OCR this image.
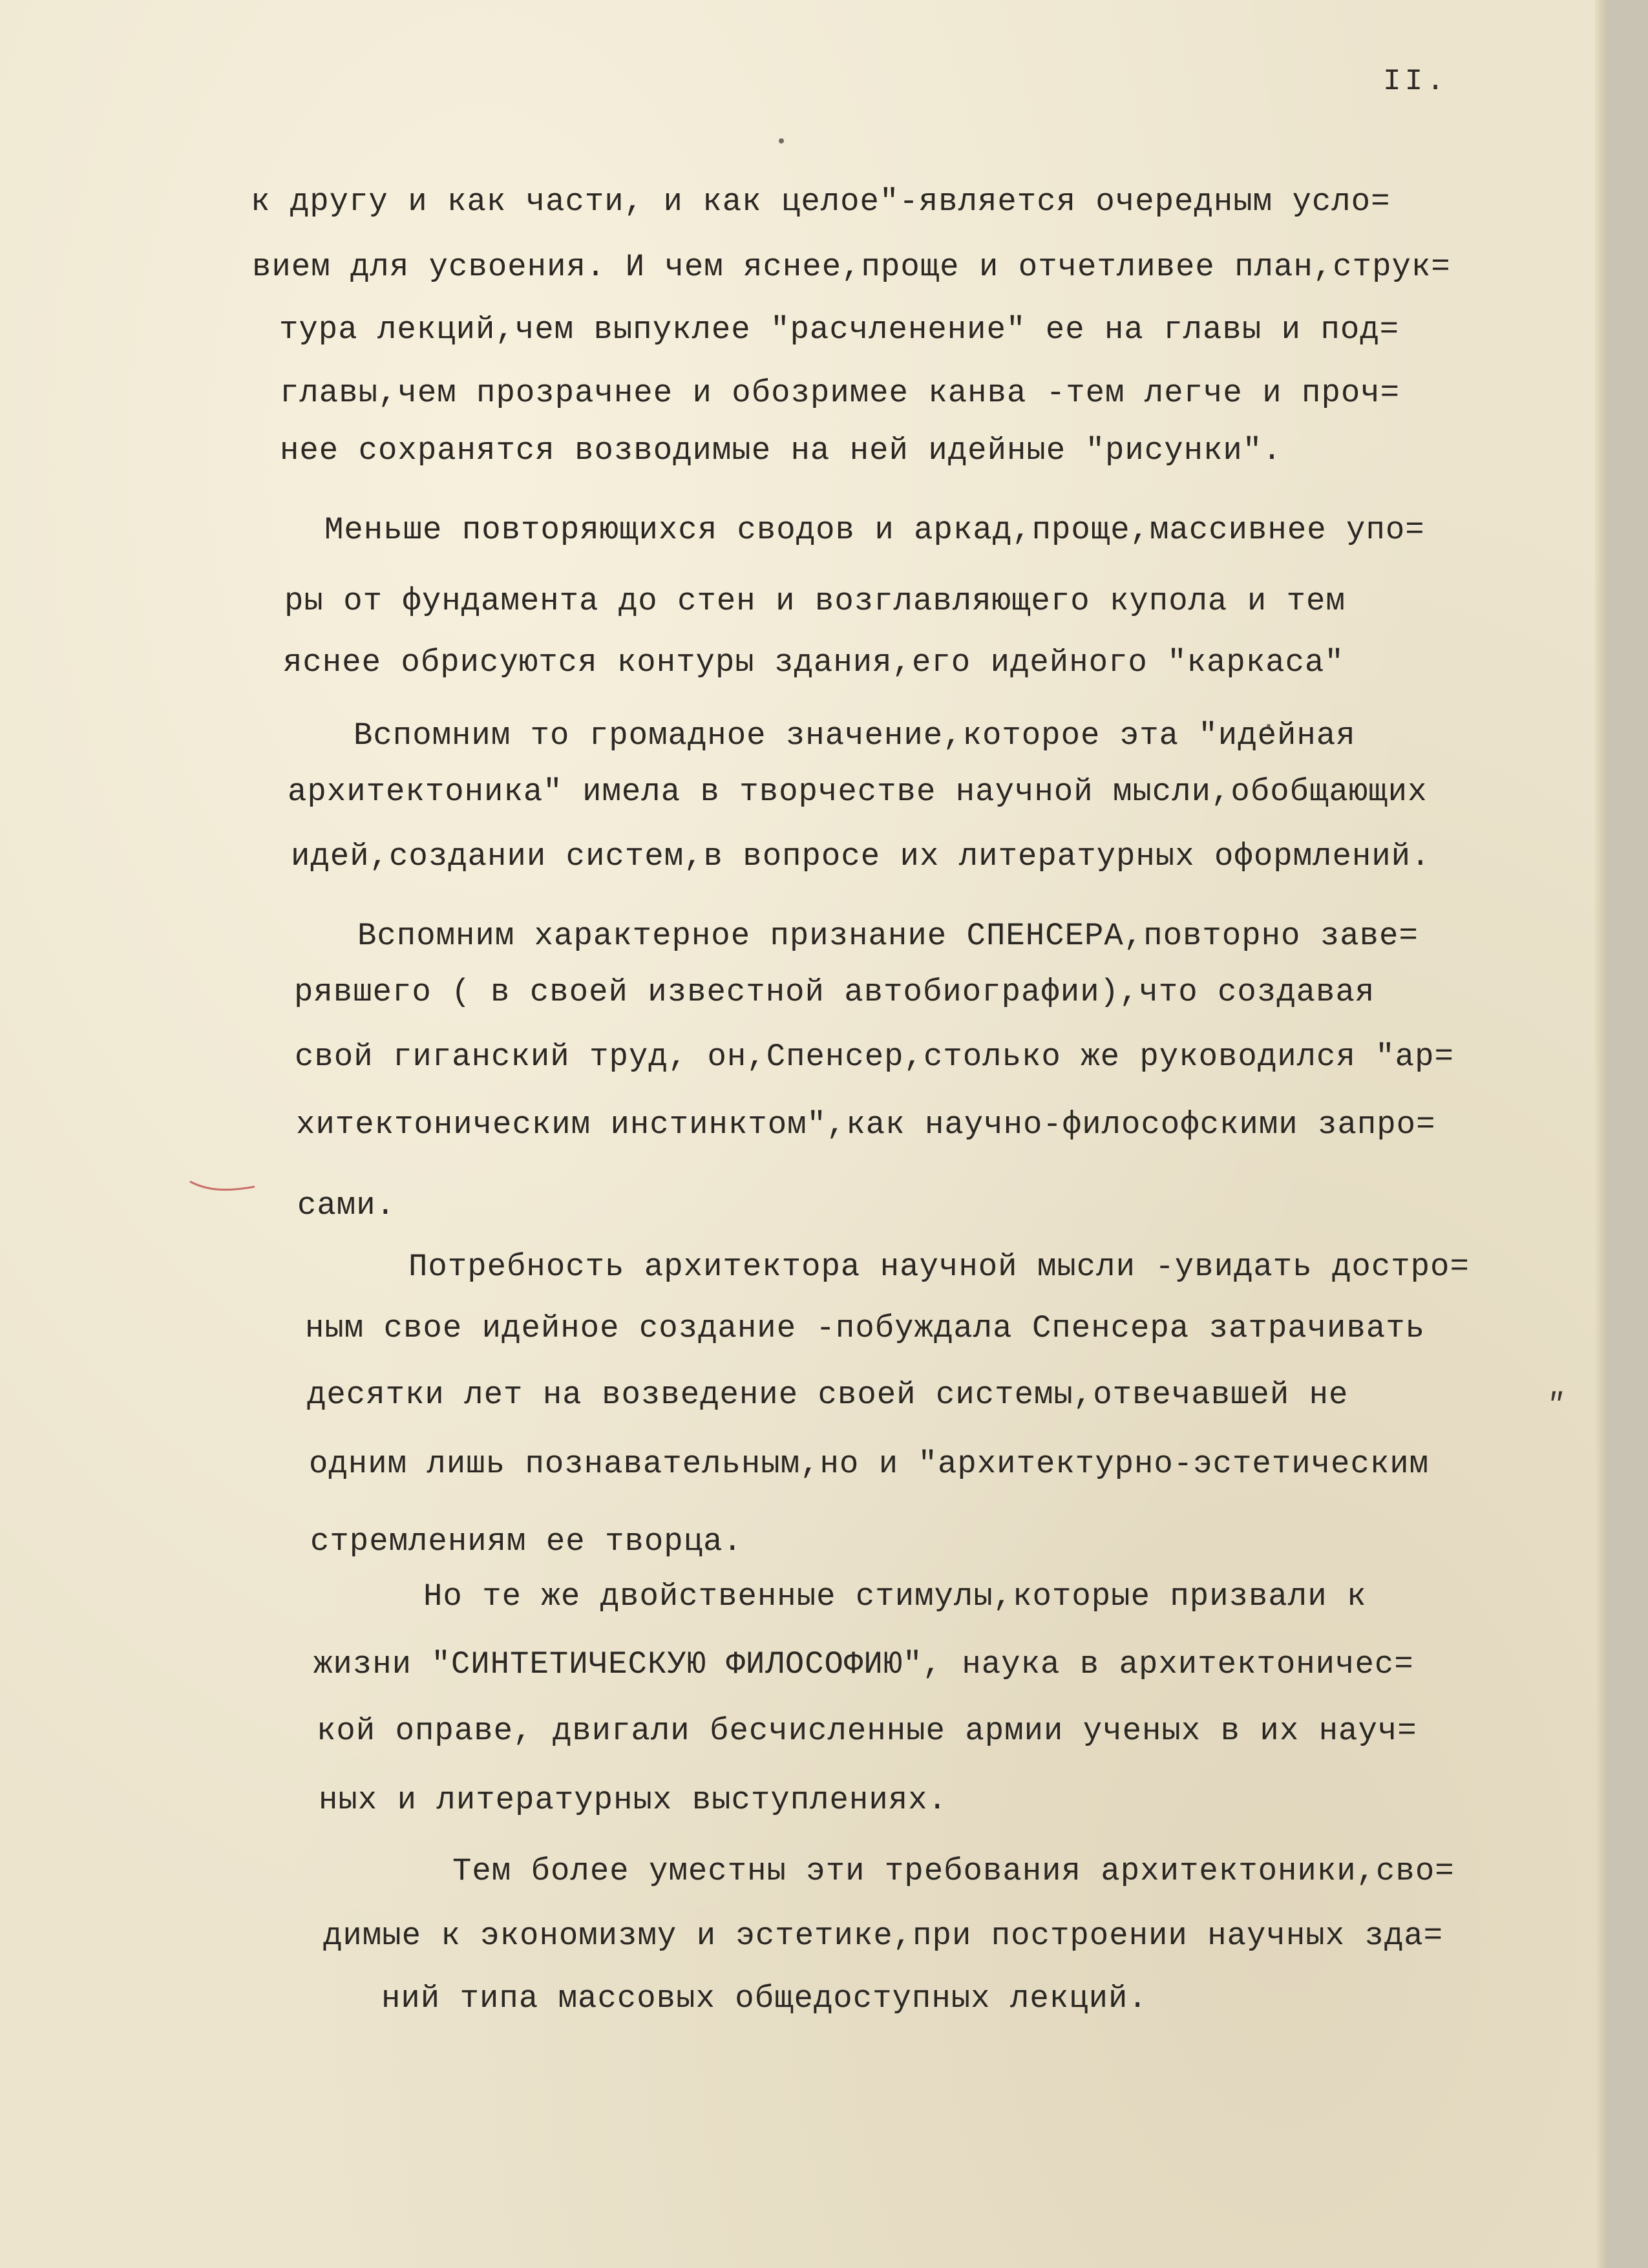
II.
к другу и как части, и как целое"-является очередным усло=
вием для усвоения. И чем яснее,проще и отчетливее план,струк=
тура лекций,чем выпуклее "расчленение" ее на главы и под=
главы,чем прозрачнее и обозримее канва -тем легче и проч=
нее сохранятся возводимые на ней идейные "рисунки".
Меньше повторяющихся сводов и аркад,проще,массивнее упо=
ры от фундамента до стен и возглавляющего купола и тем
яснее обрисуются контуры здания,его идейного "каркаса"
Вспомним то громадное значение,которое эта "идейная
архитектоника" имела в творчестве научной мысли,обобщающих
идей,создании систем,в вопросе их литературных оформлений.
Вспомним характерное признание СПЕНСЕРА,повторно заве=
рявшего ( в своей известной автобиографии),что создавая
свой гиганский труд, он,Спенсер,столько же руководился "ар=
хитектоническим инстинктом",как научно-философскими запро=
сами.
Потребность архитектора научной мысли -увидать достро=
ным свое идейное создание -побуждала Спенсера затрачивать
десятки лет на возведение своей системы,отвечавшей не
одним лишь познавательным,но и "архитектурно-эстетическим
стремлениям ее творца.
Но те же двойственные стимулы,которые призвали к
жизни "СИНТЕТИЧЕСКУЮ ФИЛОСОФИЮ", наука в архитектоничес=
кой оправе, двигали бесчисленные армии ученых в их науч=
ных и литературных выступлениях.
Тем более уместны эти требования архитектоники,сво=
димые к экономизму и эстетике,при построении научных зда=
ний типа массовых общедоступных лекций.
"
